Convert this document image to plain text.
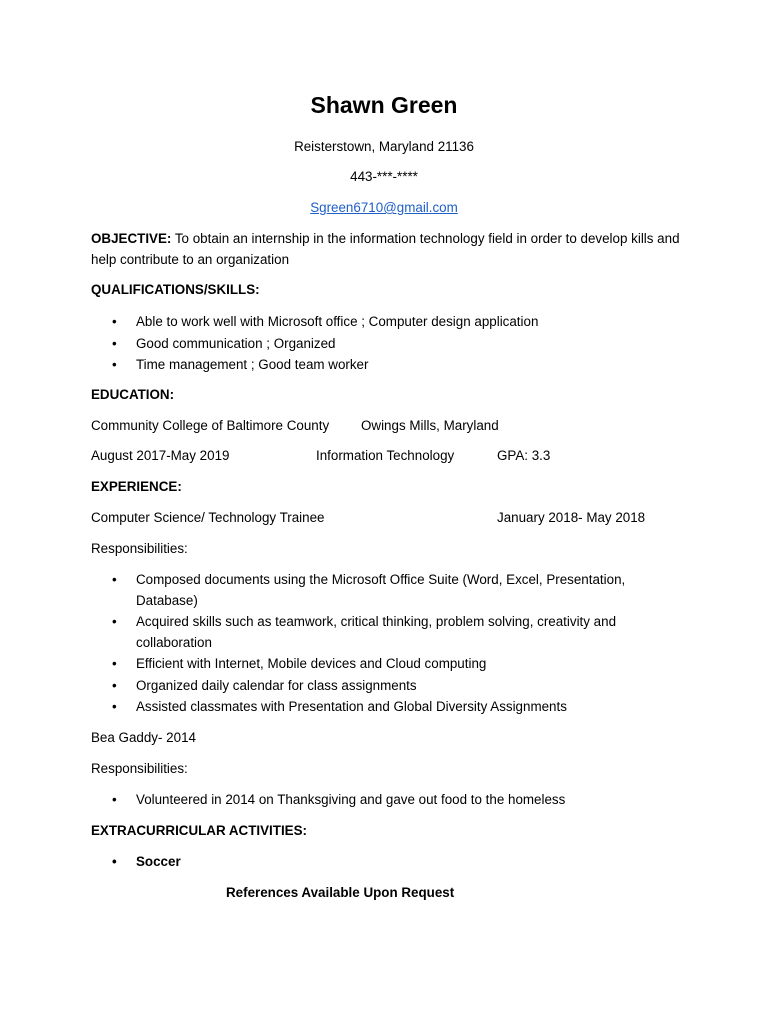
Shawn Green

Reisterstown, Maryland 21136

443-***-****

Sgreen6710@gmail.com

OBJECTIVE: To obtain an internship in the information technology field in order to develop kills and help contribute to an organization

QUALIFICATIONS/SKILLS:

• Able to work well with Microsoft office ; Computer design application
• Good communication ; Organized
• Time management ; Good team worker

EDUCATION:

Community College of Baltimore County Owings Mills, Maryland
August 2017-May 2019	Information Technology	GPA: 3.3

EXPERIENCE:

Computer Science/ Technology Trainee	January 2018- May 2018

Responsibilities:

• Composed documents using the Microsoft Office Suite (Word, Excel, Presentation, Database)
• Acquired skills such as teamwork, critical thinking, problem solving, creativity and collaboration
• Efficient with Internet, Mobile devices and Cloud computing
• Organized daily calendar for class assignments
• Assisted classmates with Presentation and Global Diversity Assignments

Bea Gaddy- 2014

Responsibilities:

• Volunteered in 2014 on Thanksgiving and gave out food to the homeless

EXTRACURRICULAR ACTIVITIES:

• Soccer

References Available Upon Request
